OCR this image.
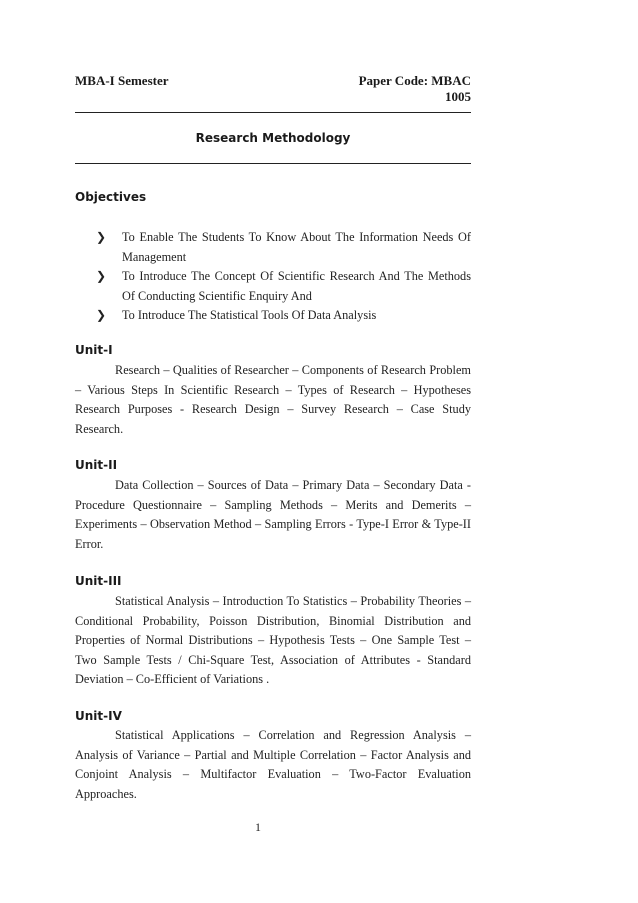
MBA-I Semester	Paper Code: MBAC 1005
Research Methodology
Objectives
❯ To Enable The Students To Know About The Information Needs Of Management
❯ To Introduce The Concept Of Scientific Research And The Methods Of Conducting Scientific Enquiry And
❯ To Introduce The Statistical Tools Of Data Analysis
Unit-I

Research – Qualities of Researcher – Components of Research Problem – Various Steps In Scientific Research – Types of Research – Hypotheses Research Purposes - Research Design – Survey Research – Case Study Research.

Unit-II

Data Collection – Sources of Data – Primary Data – Secondary Data - Procedure Questionnaire – Sampling Methods – Merits and Demerits – Experiments – Observation Method – Sampling Errors - Type-I Error & Type-II Error.

Unit-III

Statistical Analysis – Introduction To Statistics – Probability Theories – Conditional Probability, Poisson Distribution, Binomial Distribution and Properties of Normal Distributions – Hypothesis Tests – One Sample Test – Two Sample Tests / Chi-Square Test, Association of Attributes - Standard Deviation – Co-Efficient of Variations .

Unit-IV

Statistical Applications – Correlation and Regression Analysis – Analysis of Variance – Partial and Multiple Correlation – Factor Analysis and Conjoint Analysis – Multifactor Evaluation – Two-Factor Evaluation Approaches.

1
